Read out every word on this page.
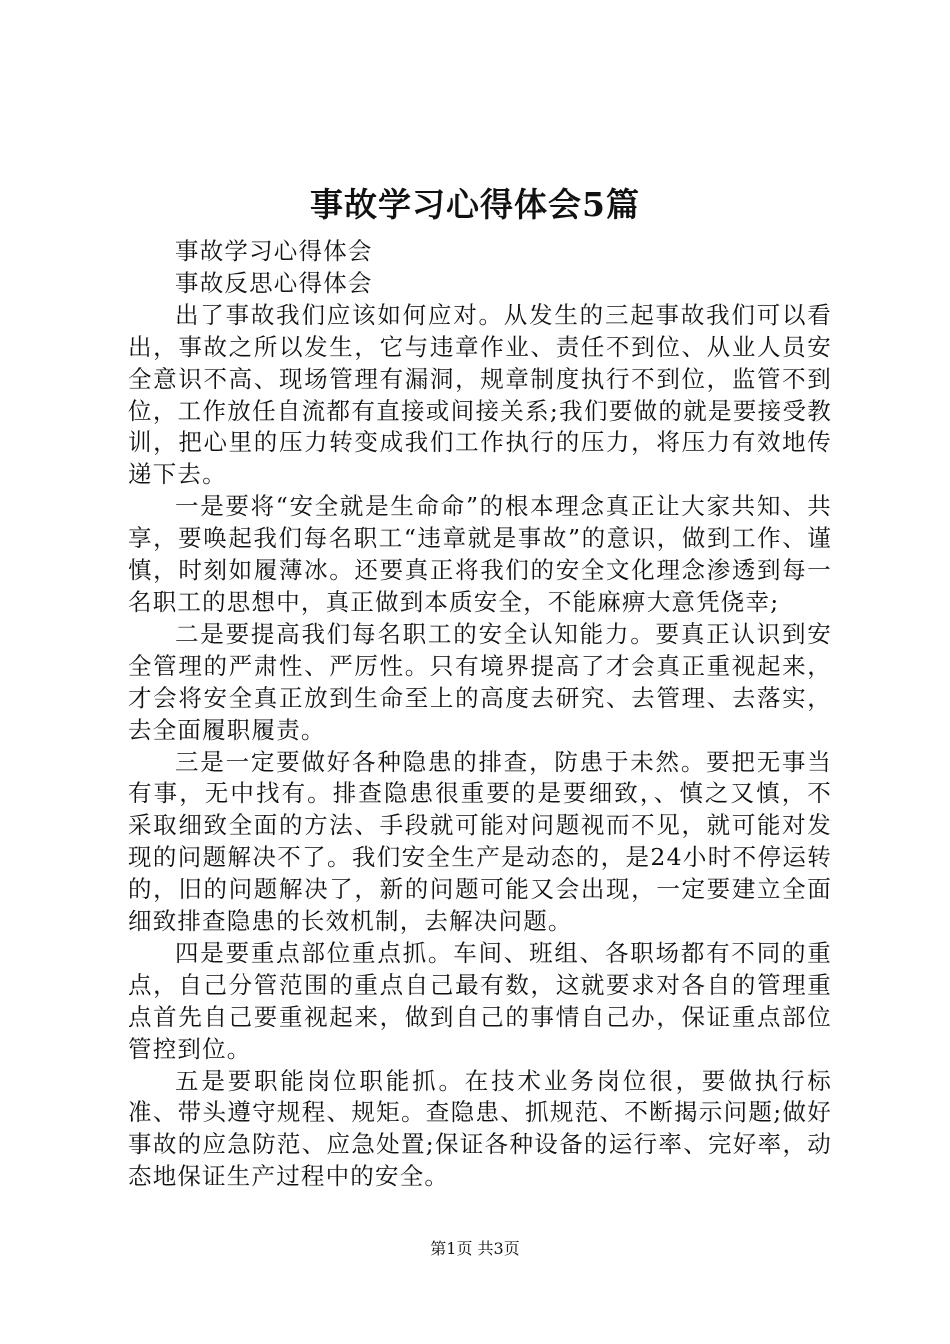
事故学习心得体会5篇

事故学习心得体会

事故反思心得体会

出了事故我们应该如何应对。从发生的三起事故我们可以看出，事故之所以发生，它与违章作业、责任不到位、从业人员安全意识不高、现场管理有漏洞，规章制度执行不到位，监管不到位，工作放任自流都有直接或间接关系;我们要做的就是要接受教训，把心里的压力转变成我们工作执行的压力，将压力有效地传递下去。

一是要将“安全就是生命命”的根本理念真正让大家共知、共享，要唤起我们每名职工“违章就是事故”的意识，做到工作、谨慎，时刻如履薄冰。还要真正将我们的安全文化理念渗透到每一名职工的思想中，真正做到本质安全，不能麻痹大意凭侥幸;

二是要提高我们每名职工的安全认知能力。要真正认识到安全管理的严肃性、严厉性。只有境界提高了才会真正重视起来，才会将安全真正放到生命至上的高度去研究、去管理、去落实，去全面履职履责。

三是一定要做好各种隐患的排查，防患于未然。要把无事当有事，无中找有。排查隐患很重要的是要细致，、慎之又慎，不采取细致全面的方法、手段就可能对问题视而不见，就可能对发现的问题解决不了。我们安全生产是动态的，是24小时不停运转的，旧的问题解决了，新的问题可能又会出现，一定要建立全面细致排查隐患的长效机制，去解决问题。

四是要重点部位重点抓。车间、班组、各职场都有不同的重点，自己分管范围的重点自己最有数，这就要求对各自的管理重点首先自己要重视起来，做到自己的事情自己办，保证重点部位管控到位。

五是要职能岗位职能抓。在技术业务岗位很，要做执行标准、带头遵守规程、规矩。查隐患、抓规范、不断揭示问题;做好事故的应急防范、应急处置;保证各种设备的运行率、完好率，动态地保证生产过程中的安全。

第1页 共3页
